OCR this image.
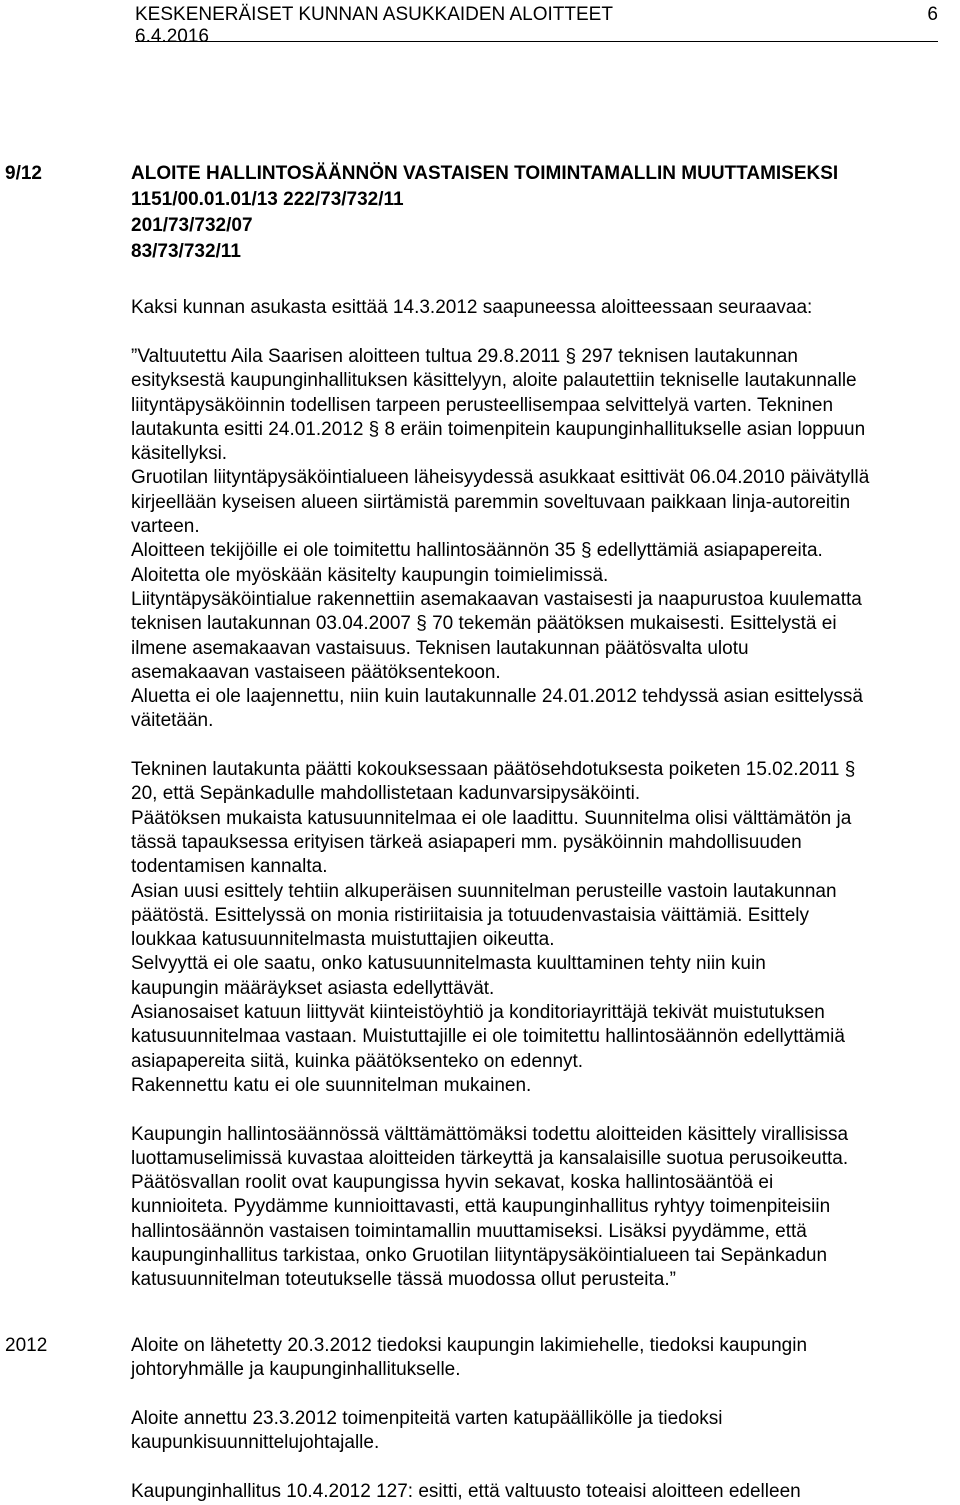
KESKENERÄISET KUNNAN ASUKKAIDEN ALOITTEET	6
6.4.2016
9/12	ALOITE HALLINTOSÄÄNNÖN VASTAISEN TOIMINTAMALLIN MUUTTAMISEKSI
1151/00.01.01/13 222/73/732/11
201/73/732/07
83/73/732/11
Kaksi kunnan asukasta esittää 14.3.2012 saapuneessa aloitteessaan seuraavaa:

”Valtuutettu Aila Saarisen aloitteen tultua 29.8.2011 § 297 teknisen lautakunnan

esityksestä kaupunginhallituksen käsittelyyn, aloite palautettiin tekniselle lautakunnalle

liityntäpysäköinnin todellisen tarpeen perusteellisempaa selvittelyä varten. Tekninen

lautakunta esitti 24.01.2012 § 8 eräin toimenpitein kaupunginhallitukselle asian loppuun

käsitellyksi.

Gruotilan liityntäpysäköintialueen läheisyydessä asukkaat esittivät 06.04.2010 päivätyllä

kirjeellään kyseisen alueen siirtämistä paremmin soveltuvaan paikkaan linja-autoreitin

varteen.

Aloitteen tekijöille ei ole toimitettu hallintosäännön 35 § edellyttämiä asiapapereita.

Aloitetta ole myöskään käsitelty kaupungin toimielimissä.

Liityntäpysäköintialue rakennettiin asemakaavan vastaisesti ja naapurustoa kuulematta

teknisen lautakunnan 03.04.2007 § 70 tekemän päätöksen mukaisesti. Esittelystä ei

ilmene asemakaavan vastaisuus. Teknisen lautakunnan päätösvalta ulotu

asemakaavan vastaiseen päätöksentekoon.

Aluetta ei ole laajennettu, niin kuin lautakunnalle 24.01.2012 tehdyssä asian esittelyssä

väitetään.

Tekninen lautakunta päätti kokouksessaan päätösehdotuksesta poiketen 15.02.2011 §

20, että Sepänkadulle mahdollistetaan kadunvarsipysäköinti.

Päätöksen mukaista katusuunnitelmaa ei ole laadittu. Suunnitelma olisi välttämätön ja

tässä tapauksessa erityisen tärkeä asiapaperi mm. pysäköinnin mahdollisuuden

todentamisen kannalta.

Asian uusi esittely tehtiin alkuperäisen suunnitelman perusteille vastoin lautakunnan

päätöstä. Esittelyssä on monia ristiriitaisia ja totuudenvastaisia väittämiä. Esittely

loukkaa katusuunnitelmasta muistuttajien oikeutta.

Selvyyttä ei ole saatu, onko katusuunnitelmasta kuulttaminen tehty niin kuin

kaupungin määräykset asiasta edellyttävät.

Asianosaiset katuun liittyvät kiinteistöyhtiö ja konditoriayrittäjä tekivät muistutuksen

katusuunnitelmaa vastaan. Muistuttajille ei ole toimitettu hallintosäännön edellyttämiä

asiapapereita siitä, kuinka päätöksenteko on edennyt.

Rakennettu katu ei ole suunnitelman mukainen.

Kaupungin hallintosäännössä välttämättömäksi todettu aloitteiden käsittely virallisissa

luottamuselimissä kuvastaa aloitteiden tärkeyttä ja kansalaisille suotua perusoikeutta.

Päätösvallan roolit ovat kaupungissa hyvin sekavat, koska hallintosääntöä ei

kunnioiteta. Pyydämme kunnioittavasti, että kaupunginhallitus ryhtyy toimenpiteisiin

hallintosäännön vastaisen toimintamallin muuttamiseksi. Lisäksi pyydämme, että

kaupunginhallitus tarkistaa, onko Gruotilan liityntäpysäköintialueen tai Sepänkadun

katusuunnitelman toteutukselle tässä muodossa ollut perusteita.”

2012	Aloite on lähetetty 20.3.2012 tiedoksi kaupungin lakimiehelle, tiedoksi kaupungin

johtoryhmälle ja kaupunginhallitukselle.

Aloite annettu 23.3.2012 toimenpiteitä varten katupäällikölle ja tiedoksi

kaupunkisuunnittelujohtajalle.

Kaupunginhallitus 10.4.2012 127: esitti, että valtuusto toteaisi aloitteen edelleen
